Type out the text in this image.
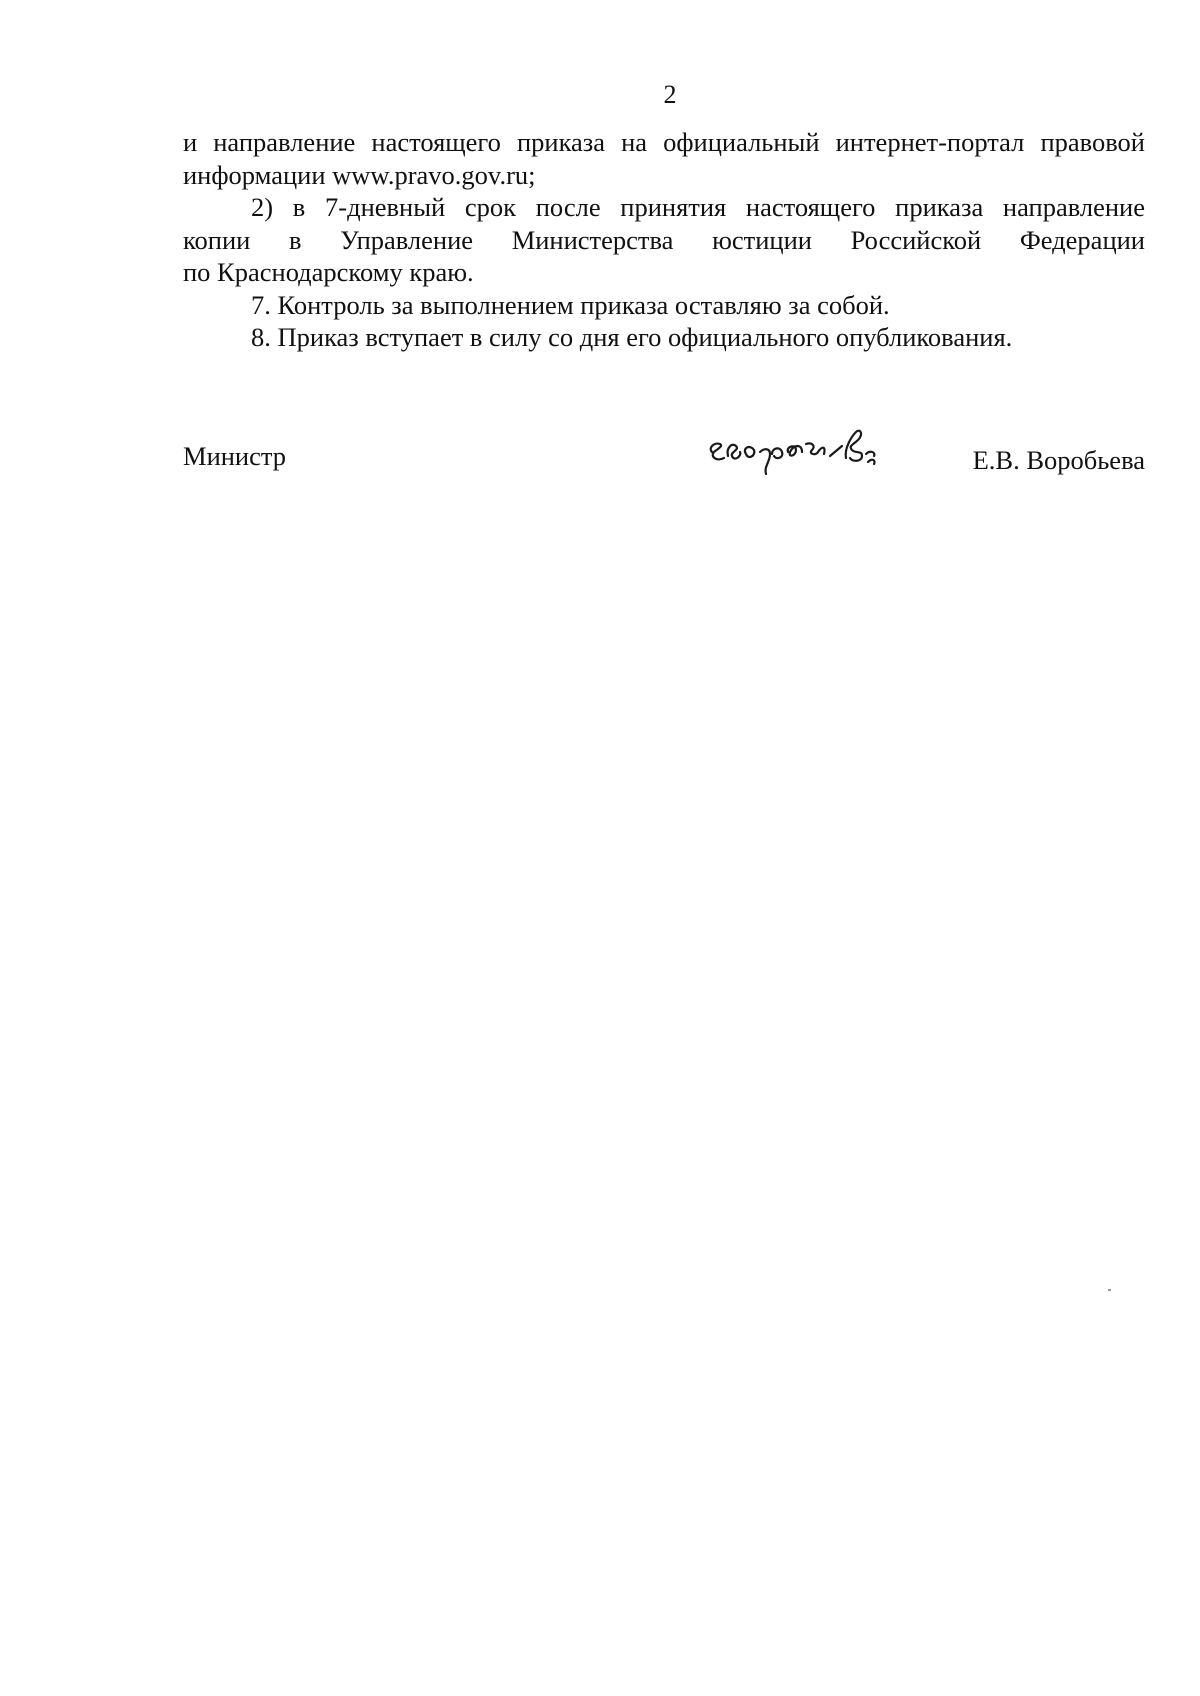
2

и направление настоящего приказа на официальный интернет-портал правовой
информации www.pravo.gov.ru;

2) в 7-дневный срок после принятия настоящего приказа направление
копии в Управление Министерства юстиции Российской Федерации
по Краснодарскому краю.

7. Контроль за выполнением приказа оставляю за собой.

8. Приказ вступает в силу со дня его официального опубликования.

Министр	Е.В. Воробьева
